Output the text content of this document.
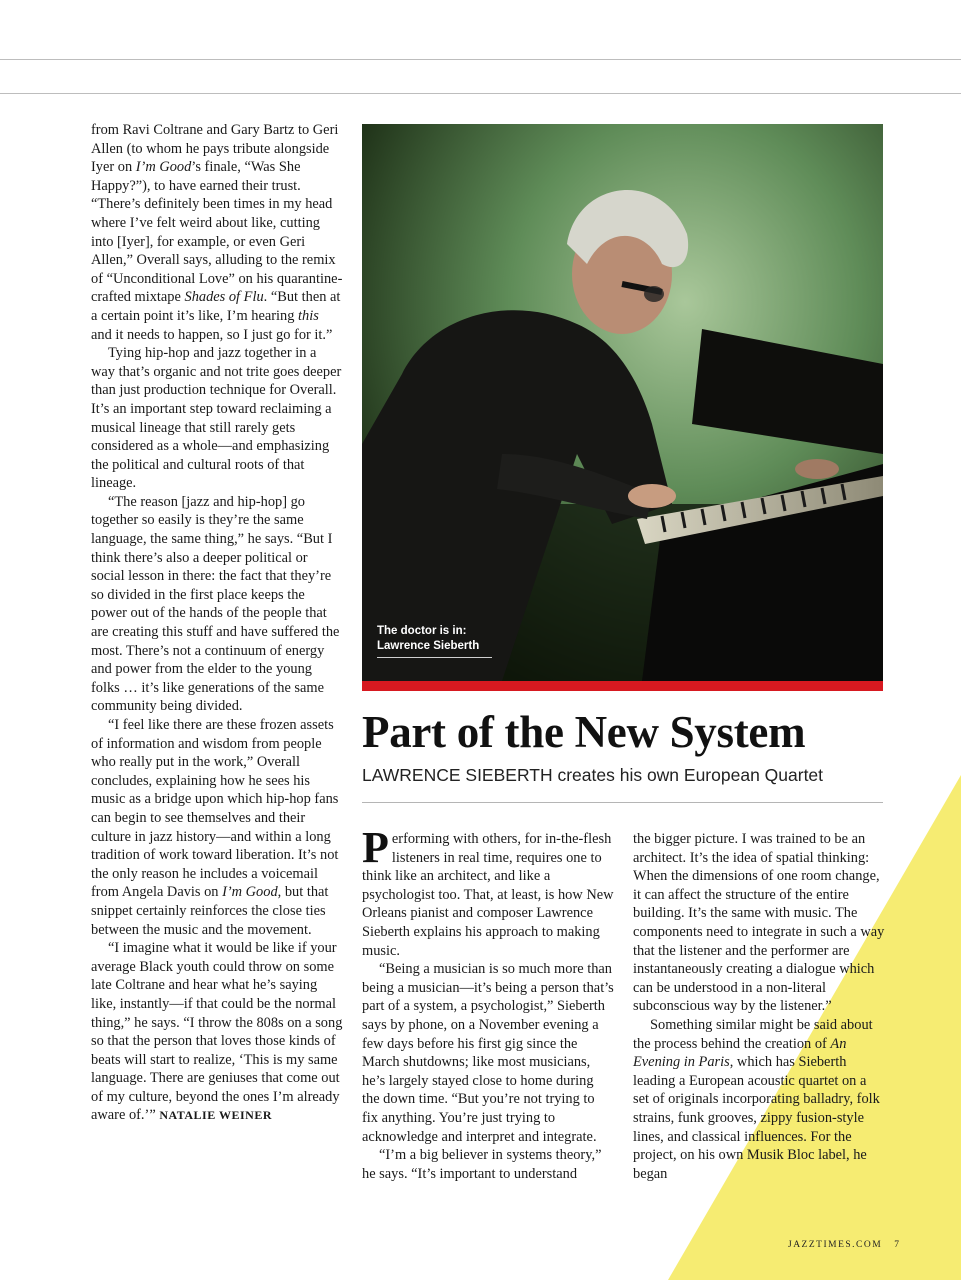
from Ravi Coltrane and Gary Bartz to Geri Allen (to whom he pays tribute alongside Iyer on I’m Good’s finale, “Was She Happy?”), to have earned their trust. “There’s definitely been times in my head where I’ve felt weird about like, cutting into [Iyer], for example, or even Geri Allen,” Overall says, alluding to the remix of “Unconditional Love” on his quarantine-crafted mixtape Shades of Flu. “But then at a certain point it’s like, I’m hearing this and it needs to happen, so I just go for it.”

Tying hip-hop and jazz together in a way that’s organic and not trite goes deeper than just production technique for Overall. It’s an important step toward reclaiming a musical lineage that still rarely gets considered as a whole—and emphasizing the political and cultural roots of that lineage.

“The reason [jazz and hip-hop] go together so easily is they’re the same language, the same thing,” he says. “But I think there’s also a deeper political or social lesson in there: the fact that they’re so divided in the first place keeps the power out of the hands of the people that are creating this stuff and have suffered the most. There’s not a continuum of energy and power from the elder to the young folks … it’s like generations of the same community being divided.

“I feel like there are these frozen assets of information and wisdom from people who really put in the work,” Overall concludes, explaining how he sees his music as a bridge upon which hip-hop fans can begin to see themselves and their culture in jazz history—and within a long tradition of work toward liberation. It’s not the only reason he includes a voicemail from Angela Davis on I’m Good, but that snippet certainly reinforces the close ties between the music and the movement.

“I imagine what it would be like if your average Black youth could throw on some late Coltrane and hear what he’s saying like, instantly—if that could be the normal thing,” he says. “I throw the 808s on a song so that the person that loves those kinds of beats will start to realize, ‘This is my same language. There are geniuses that come out of my culture, beyond the ones I’m already aware of.’” NATALIE WEINER

The doctor is in:
Lawrence Sieberth
Part of the New System
LAWRENCE SIEBERTH creates his own European Quartet

Performing with others, for in-the-flesh listeners in real time, requires one to think like an architect, and like a psychologist too. That, at least, is how New Orleans pianist and composer Lawrence Sieberth explains his approach to making music.

“Being a musician is so much more than being a musician—it’s being a person that’s part of a system, a psychologist,” Sieberth says by phone, on a November evening a few days before his first gig since the March shutdowns; like most musicians, he’s largely stayed close to home during the down time. “But you’re not trying to fix anything. You’re just trying to acknowledge and interpret and integrate.

“I’m a big believer in systems theory,” he says. “It’s important to understand

the bigger picture. I was trained to be an architect. It’s the idea of spatial thinking: When the dimensions of one room change, it can affect the structure of the entire building. It’s the same with music. The components need to integrate in such a way that the listener and the performer are instantaneously creating a dialogue which can be understood in a non-literal subconscious way by the listener.”

Something similar might be said about the process behind the creation of An Evening in Paris, which has Sieberth leading a European acoustic quartet on a set of originals incorporating balladry, folk strains, funk grooves, zippy fusion-style lines, and classical influences. For the project, on his own Musik Bloc label, he began

JAZZTIMES.COM 7
